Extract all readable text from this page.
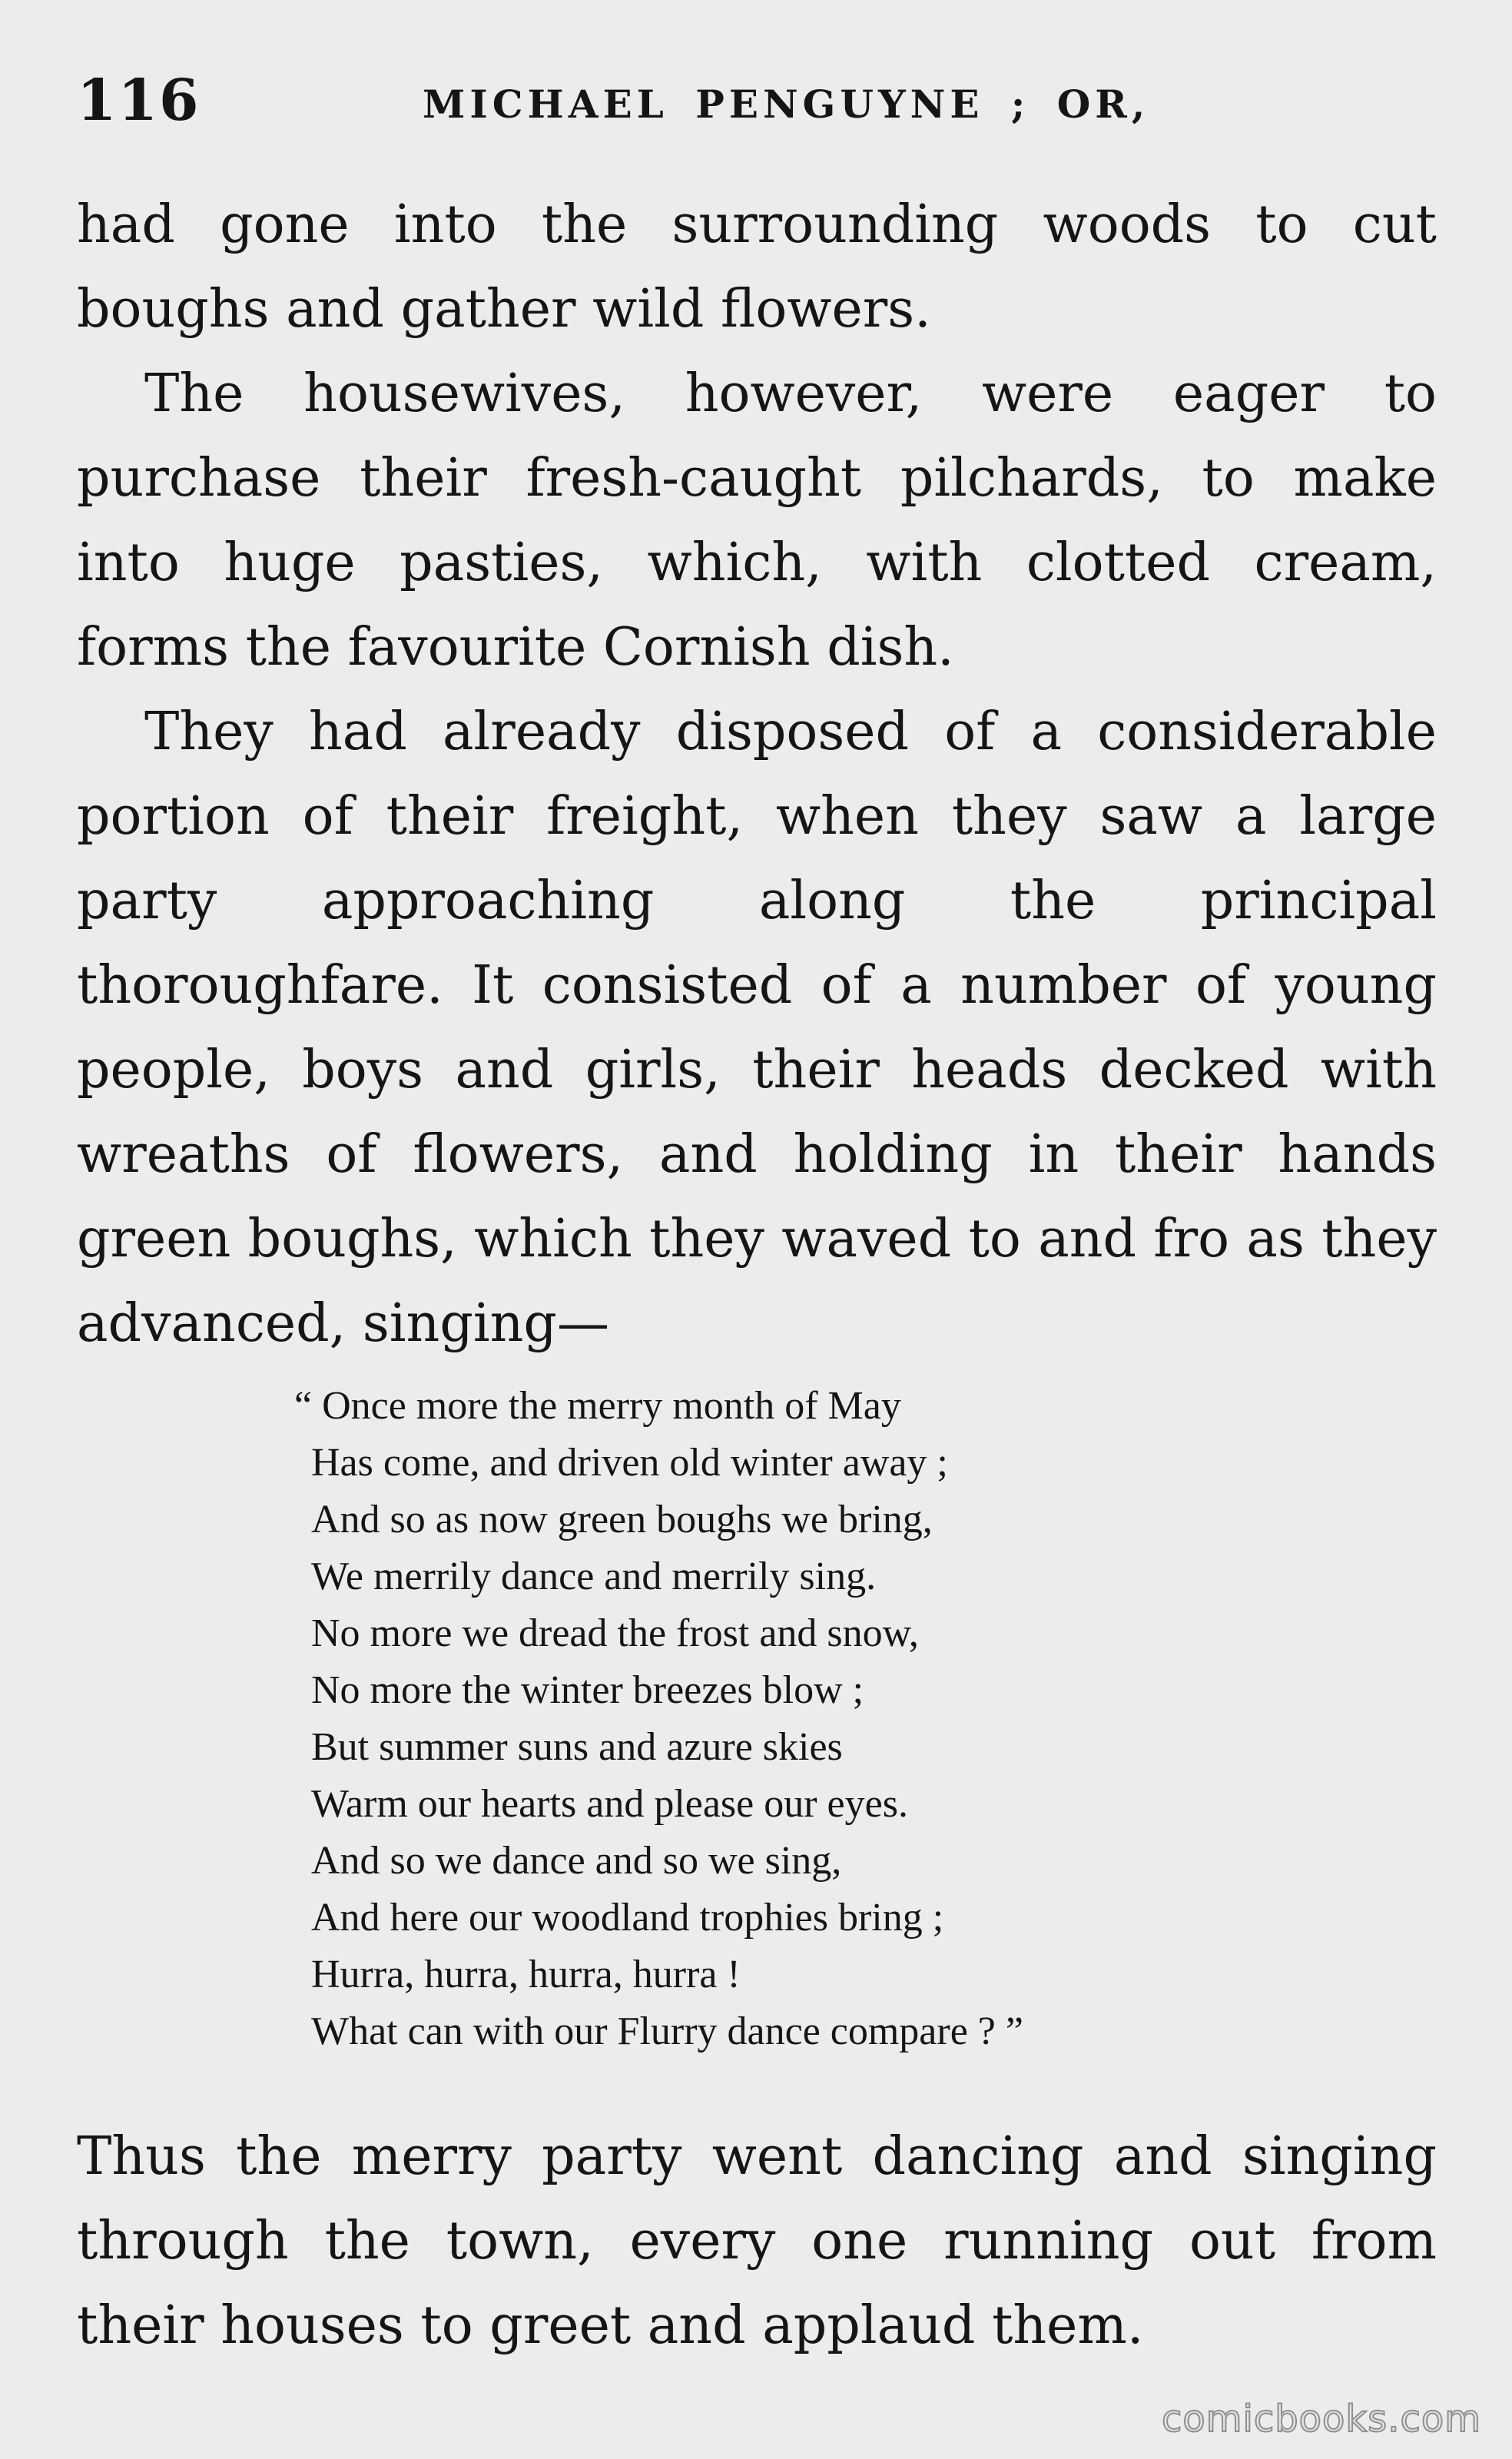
116	MICHAEL PENGUYNE ; OR,

had gone into the surrounding woods to cut boughs and gather wild flowers.

The housewives, however, were eager to purchase their fresh-caught pilchards, to make into huge pasties, which, with clotted cream, forms the favourite Cornish dish.

They had already disposed of a considerable portion of their freight, when they saw a large party approaching along the principal thoroughfare. It consisted of a number of young people, boys and girls, their heads decked with wreaths of flowers, and holding in their hands green boughs, which they waved to and fro as they advanced, singing—

“ Once more the merry month of May
Has come, and driven old winter away ;
And so as now green boughs we bring,
We merrily dance and merrily sing.
No more we dread the frost and snow,
No more the winter breezes blow ;
But summer suns and azure skies
Warm our hearts and please our eyes.
And so we dance and so we sing,
And here our woodland trophies bring ;
Hurra, hurra, hurra, hurra !
What can with our Flurry dance compare ? ”

Thus the merry party went dancing and singing through the town, every one running out from their houses to greet and applaud them.

comicbooks.com
